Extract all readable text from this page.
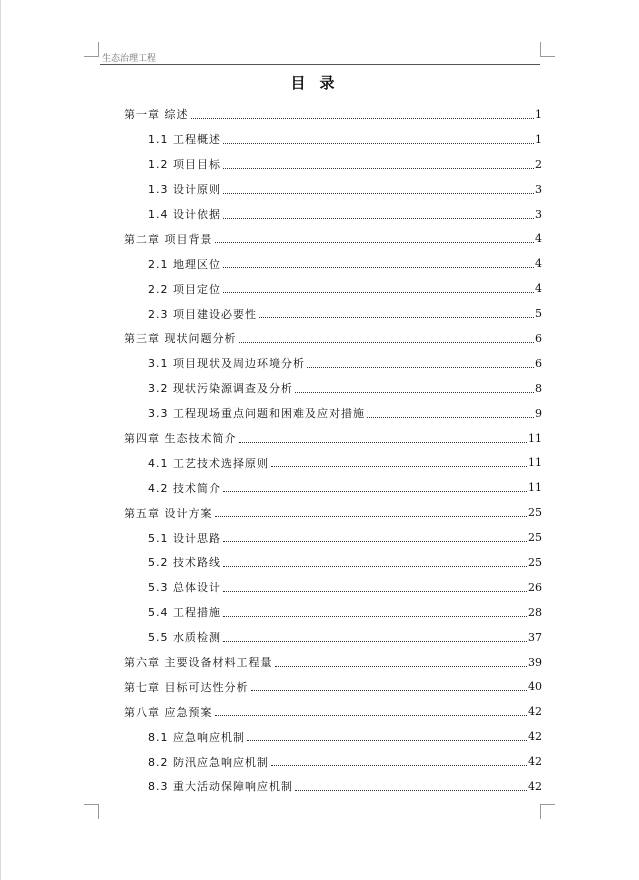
生态治理工程
目录
第一章 综述	1
1.1 工程概述	1
1.2 项目目标	2
1.3 设计原则	3
1.4 设计依据	3
第二章 项目背景	4
2.1 地理区位	4
2.2 项目定位	4
2.3 项目建设必要性	5
第三章 现状问题分析	6
3.1 项目现状及周边环境分析	6
3.2 现状污染源调查及分析	8
3.3 工程现场重点问题和困难及应对措施	9
第四章 生态技术简介	11
4.1 工艺技术选择原则	11
4.2 技术简介	11
第五章 设计方案	25
5.1 设计思路	25
5.2 技术路线	25
5.3 总体设计	26
5.4 工程措施	28
5.5 水质检测	37
第六章 主要设备材料工程量	39
第七章 目标可达性分析	40
第八章 应急预案	42
8.1 应急响应机制	42
8.2 防汛应急响应机制	42
8.3 重大活动保障响应机制	42
